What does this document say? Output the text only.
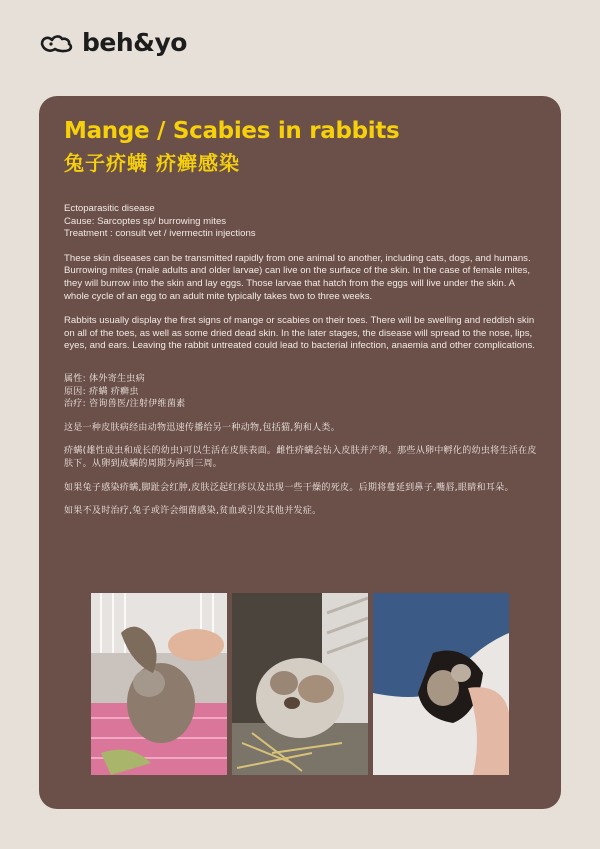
beh&yo
Mange / Scabies in rabbits
兔子疥螨 疥癣感染
Ectoparasitic disease
Cause: Sarcoptes sp/ burrowing mites
Treatment : consult vet / ivermectin injections
These skin diseases can be transmitted rapidly from one animal to another, including cats, dogs, and humans. Burrowing mites (male adults and older larvae) can live on the surface of the skin. In the case of female mites, they will burrow into the skin and lay eggs. Those larvae that hatch from the eggs will live under the skin. A whole cycle of an egg to an adult mite typically takes two to three weeks.
Rabbits usually display the first signs of mange or scabies on their toes. There will be swelling and reddish skin on all of the toes, as well as some dried dead skin. In the later stages, the disease will spread to the nose, lips, eyes, and ears. Leaving the rabbit untreated could lead to bacterial infection, anaemia and other complications.
属性: 体外寄生虫病
原因: 疥螨 疥癣虫
治疗: 咨询兽医/注射伊维菌素
这是一种皮肤病经由动物迅速传播给另一种动物,包括猫,狗和人类。
疥螨(雄性成虫和成长的幼虫)可以生活在皮肤表面。雌性疥螨会钻入皮肤并产卵。那些从卵中孵化的幼虫将生活在皮肤下。从卵到成螨的周期为两到三周。
如果兔子感染疥螨,脚趾会红肿,皮肤泛起红疹以及出现一些干燥的死皮。后期将蔓延到鼻子,嘴唇,眼睛和耳朵。
如果不及时治疗,兔子或许会细菌感染,贫血或引发其他并发症。
